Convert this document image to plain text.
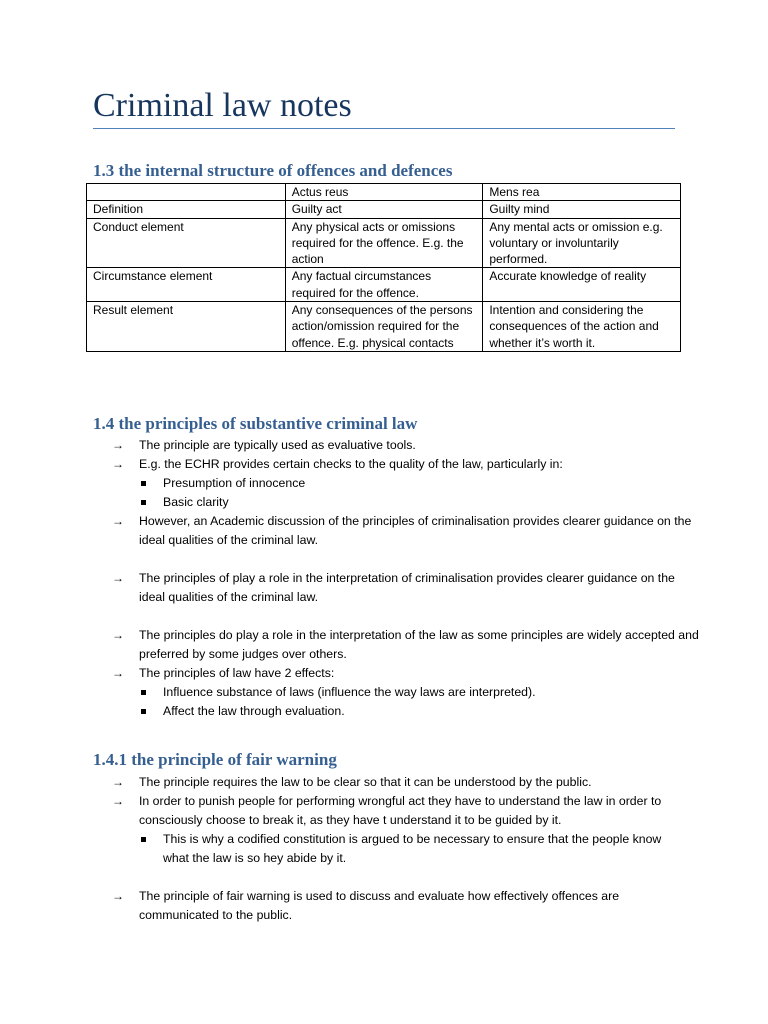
Criminal law notes
1.3 the internal structure of offences and defences
	Actus reus	Mens rea
Definition	Guilty act	Guilty mind
Conduct element	Any physical acts or omissions required for the offence. E.g. the action	Any mental acts or omission e.g. voluntary or involuntarily performed.
Circumstance element	Any factual circumstances required for the offence.	Accurate knowledge of reality
Result element	Any consequences of the persons action/omission required for the offence. E.g. physical contacts	Intention and considering the consequences of the action and whether it’s worth it.
1.4 the principles of substantive criminal law
→ The principle are typically used as evaluative tools.
→ E.g. the ECHR provides certain checks to the quality of the law, particularly in:
Presumption of innocence
Basic clarity
→ However, an Academic discussion of the principles of criminalisation provides clearer guidance on the ideal qualities of the criminal law.
→ The principles of play a role in the interpretation of criminalisation provides clearer guidance on the ideal qualities of the criminal law.
→ The principles do play a role in the interpretation of the law as some principles are widely accepted and preferred by some judges over others.
→ The principles of law have 2 effects:
Influence substance of laws (influence the way laws are interpreted).
Affect the law through evaluation.
1.4.1 the principle of fair warning
→ The principle requires the law to be clear so that it can be understood by the public.
→ In order to punish people for performing wrongful act they have to understand the law in order to consciously choose to break it, as they have t understand it to be guided by it.
This is why a codified constitution is argued to be necessary to ensure that the people know what the law is so hey abide by it.
→ The principle of fair warning is used to discuss and evaluate how effectively offences are communicated to the public.
